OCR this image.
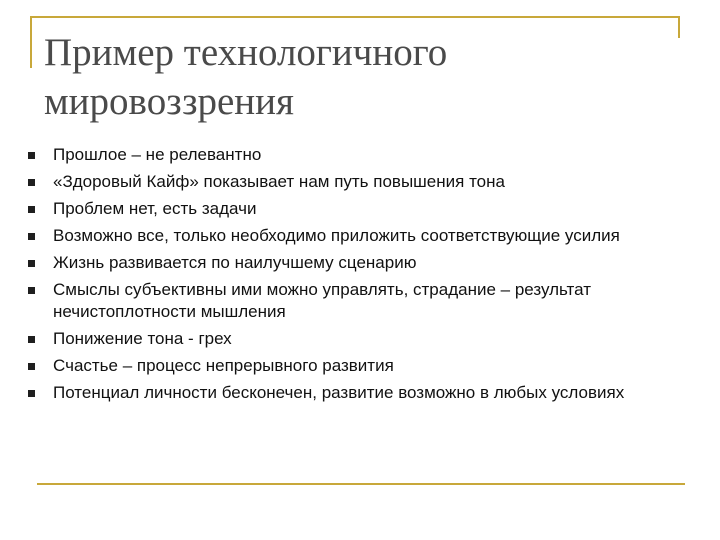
Пример технологичного
мировоззрения
Прошлое – не релевантно
«Здоровый Кайф» показывает нам путь повышения тона
Проблем нет, есть задачи
Возможно все, только необходимо приложить соответствующие усилия
Жизнь развивается по наилучшему сценарию
Смыслы субъективны ими можно управлять, страдание – результат нечистоплотности мышления
Понижение тона - грех
Счастье – процесс непрерывного развития
Потенциал личности бесконечен, развитие возможно в любых условиях
